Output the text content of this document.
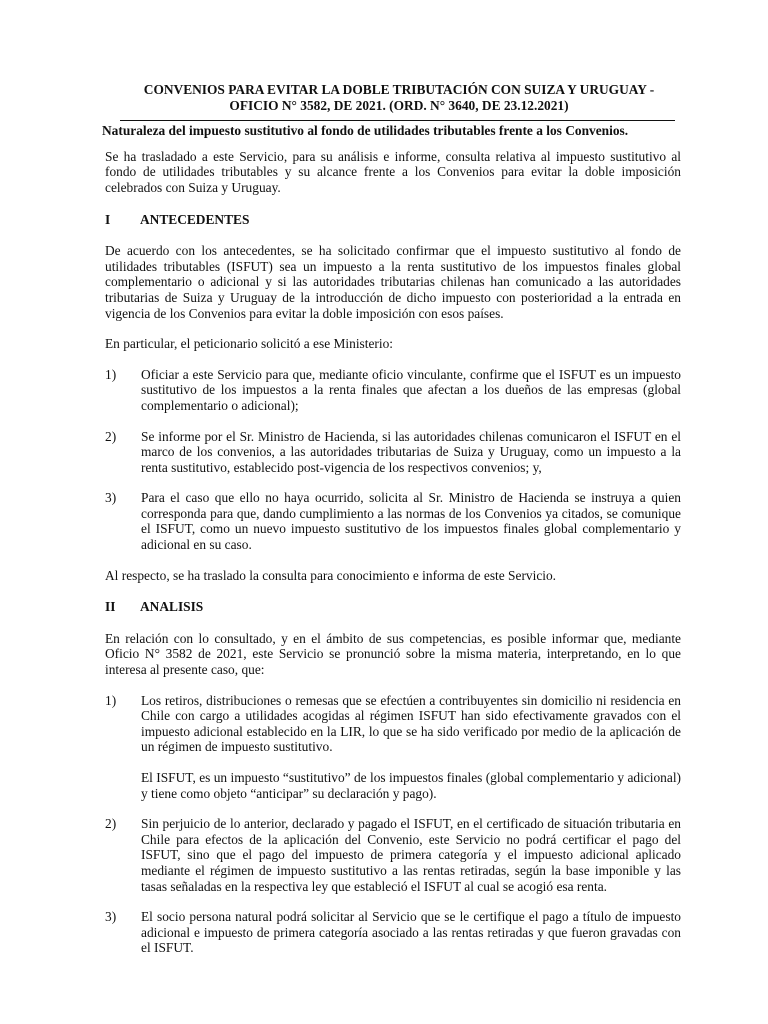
CONVENIOS PARA EVITAR LA DOBLE TRIBUTACIÓN CON SUIZA Y URUGUAY -
OFICIO N° 3582, DE 2021. (ORD. N° 3640, DE 23.12.2021)
Naturaleza del impuesto sustitutivo al fondo de utilidades tributables frente a los Convenios.

Se ha trasladado a este Servicio, para su análisis e informe, consulta relativa al impuesto sustitutivo al fondo de utilidades tributables y su alcance frente a los Convenios para evitar la doble imposición celebrados con Suiza y Uruguay.

I	ANTECEDENTES

De acuerdo con los antecedentes, se ha solicitado confirmar que el impuesto sustitutivo al fondo de utilidades tributables (ISFUT) sea un impuesto a la renta sustitutivo de los impuestos finales global complementario o adicional y si las autoridades tributarias chilenas han comunicado a las autoridades tributarias de Suiza y Uruguay de la introducción de dicho impuesto con posterioridad a la entrada en vigencia de los Convenios para evitar la doble imposición con esos países.

En particular, el peticionario solicitó a ese Ministerio:

1)	Oficiar a este Servicio para que, mediante oficio vinculante, confirme que el ISFUT es un impuesto sustitutivo de los impuestos a la renta finales que afectan a los dueños de las empresas (global complementario o adicional);

2)	Se informe por el Sr. Ministro de Hacienda, si las autoridades chilenas comunicaron el ISFUT en el marco de los convenios, a las autoridades tributarias de Suiza y Uruguay, como un impuesto a la renta sustitutivo, establecido post-vigencia de los respectivos convenios; y,

3)	Para el caso que ello no haya ocurrido, solicita al Sr. Ministro de Hacienda se instruya a quien corresponda para que, dando cumplimiento a las normas de los Convenios ya citados, se comunique el ISFUT, como un nuevo impuesto sustitutivo de los impuestos finales global complementario y adicional en su caso.

Al respecto, se ha traslado la consulta para conocimiento e informa de este Servicio.

II	ANALISIS

En relación con lo consultado, y en el ámbito de sus competencias, es posible informar que, mediante Oficio N° 3582 de 2021, este Servicio se pronunció sobre la misma materia, interpretando, en lo que interesa al presente caso, que:

1)	Los retiros, distribuciones o remesas que se efectúen a contribuyentes sin domicilio ni residencia en Chile con cargo a utilidades acogidas al régimen ISFUT han sido efectivamente gravados con el impuesto adicional establecido en la LIR, lo que se ha sido verificado por medio de la aplicación de un régimen de impuesto sustitutivo.

El ISFUT, es un impuesto “sustitutivo” de los impuestos finales (global complementario y adicional) y tiene como objeto “anticipar” su declaración y pago).

2)	Sin perjuicio de lo anterior, declarado y pagado el ISFUT, en el certificado de situación tributaria en Chile para efectos de la aplicación del Convenio, este Servicio no podrá certificar el pago del ISFUT, sino que el pago del impuesto de primera categoría y el impuesto adicional aplicado mediante el régimen de impuesto sustitutivo a las rentas retiradas, según la base imponible y las tasas señaladas en la respectiva ley que estableció el ISFUT al cual se acogió esa renta.

3)	El socio persona natural podrá solicitar al Servicio que se le certifique el pago a título de impuesto adicional e impuesto de primera categoría asociado a las rentas retiradas y que fueron gravadas con el ISFUT.
